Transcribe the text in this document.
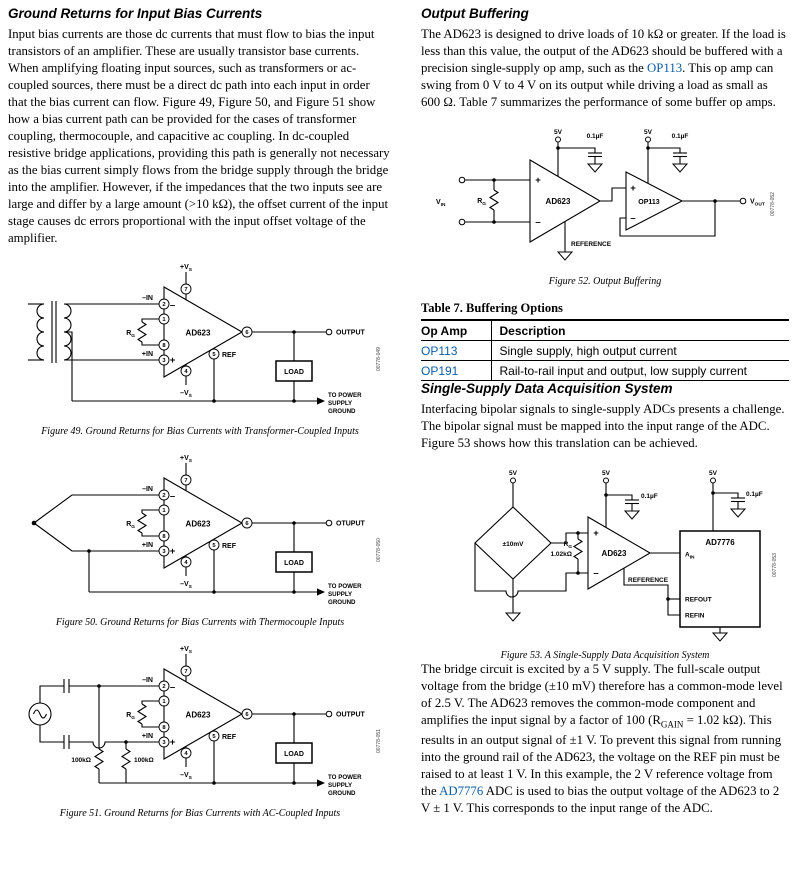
Ground Returns for Input Bias Currents

Input bias currents are those dc currents that must flow to bias the input transistors of an amplifier. These are usually transistor base currents. When amplifying floating input sources, such as transformers or ac-coupled sources, there must be a direct dc path into each input in order that the bias current can flow. Figure 49, Figure 50, and Figure 51 show how a bias current path can be provided for the cases of transformer coupling, thermocouple, and capacitive ac coupling. In dc-coupled resistive bridge applications, providing this path is generally not necessary as the bias current simply flows from the bridge supply through the bridge into the amplifier. However, if the impedances that the two inputs see are large and differ by a large amount (>10 kΩ), the offset current of the input stage causes dc errors proportional with the input offset voltage of the amplifier.

–
+
AD623
2
1
8
3
7
4
5
6
–IN
+IN
$R_G$
$+V_S$
$-V_S$
REF
OUTPUT
LOAD
TO POWER
SUPPLY
GROUND
00778-049
Figure 49. Ground Returns for Bias Currents with Transformer-Coupled Inputs
–
+
AD623
2
1
8
3
7
4
5
6
–IN
+IN
$R_G$
$+V_S$
$-V_S$
REF
OTUPUT
LOAD
TO POWER
SUPPLY
GROUND
00778-050
Figure 50. Ground Returns for Bias Currents with Thermocouple Inputs
100kΩ	100kΩ
–
+
AD623
2
1
8
3
7
4
5
6
–IN
+IN
$R_G$
$+V_S$
$-V_S$
REF
OUTPUT
LOAD
TO POWER
SUPPLY
GROUND
00778-051
Figure 51. Ground Returns for Bias Currents with AC-Coupled Inputs
Output Buffering

The AD623 is designed to drive loads of 10 kΩ or greater. If the load is less than this value, the output of the AD623 should be buffered with a precision single-supply op amp, such as the OP113. This op amp can swing from 0 V to 4 V on its output while driving a load as small as 600 Ω. Table 7 summarizes the performance of some buffer op amps.

$V_{IN}$
$R_G$
5V
0.1µF
+
–
AD623
REFERENCE
5V
0.1µF
+
–
OP113	$V_{OUT}$ 00778-052
Figure 52. Output Buffering
Table 7. Buffering Options
Op Amp	Description
OP113	Single supply, high output current
OP191	Rail-to-rail input and output, low supply current
Single-Supply Data Acquisition System

Interfacing bipolar signals to single-supply ADCs presents a challenge. The bipolar signal must be mapped into the input range of the ADC. Figure 53 shows how this translation can be achieved.

5V
±10mV	$R_G$
1.02kΩ
5V
0.1µF
+
–
AD623
REFERENCE
5V
0.1µF
AD7776
$A_{IN}$
REFOUT
REFIN
00778-053
Figure 53. A Single-Supply Data Acquisition System

The bridge circuit is excited by a 5 V supply. The full-scale output voltage from the bridge (±10 mV) therefore has a common-mode level of 2.5 V. The AD623 removes the common-mode component and amplifies the input signal by a factor of 100 ($R_{GAIN} = 1.02$ kΩ). This results in an output signal of ±1 V. To prevent this signal from running into the ground rail of the AD623, the voltage on the REF pin must be raised to at least 1 V. In this example, the 2 V reference voltage from the AD7776 ADC is used to bias the output voltage of the AD623 to 2 V ± 1 V. This corresponds to the input range of the ADC.
